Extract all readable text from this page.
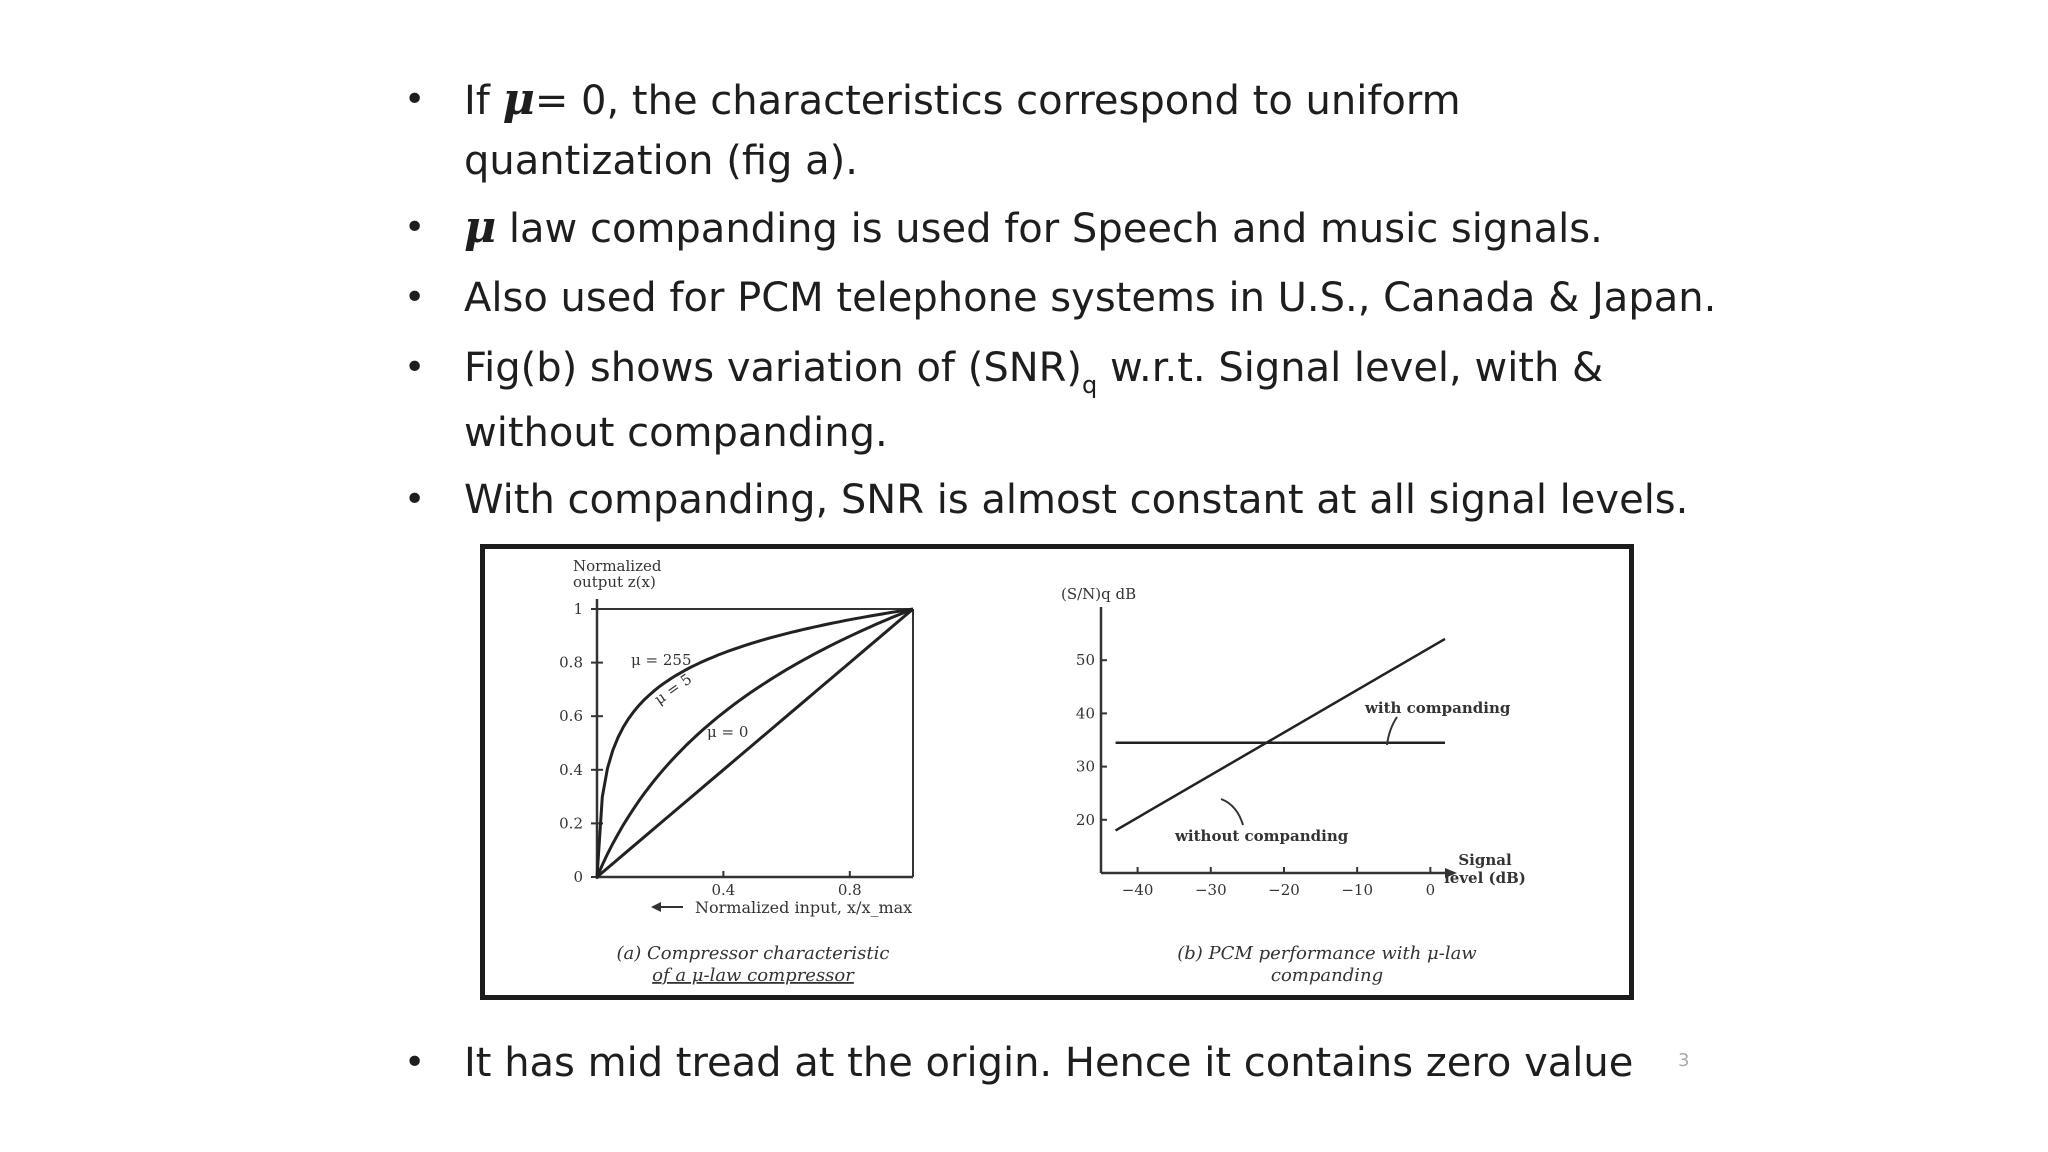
• If μ= 0, the characteristics correspond to uniform
quantization (fig a).
• μ law companding is used for Speech and music signals.
• Also used for PCM telephone systems in U.S., Canada & Japan.
• Fig(b) shows variation of $(SNR)_q$ w.r.t. Signal level, with &
without companding.
• With companding, SNR is almost constant at all signal levels.
• It has mid tread at the origin. Hence it contains zero value
Normalized
output z(x)
0
0.2
0.4
0.6
0.8
1
0.4	0.8
μ = 255
μ = 5
μ = 0
Normalized input, x/x_max
(a) Compressor characteristic
of a μ-law compressor
(S/N)q dB
Signal
level (dB)
20
30
40
50
−40	−30	−20	−10	0
with companding
without companding
(b) PCM performance with μ-law
companding
3
